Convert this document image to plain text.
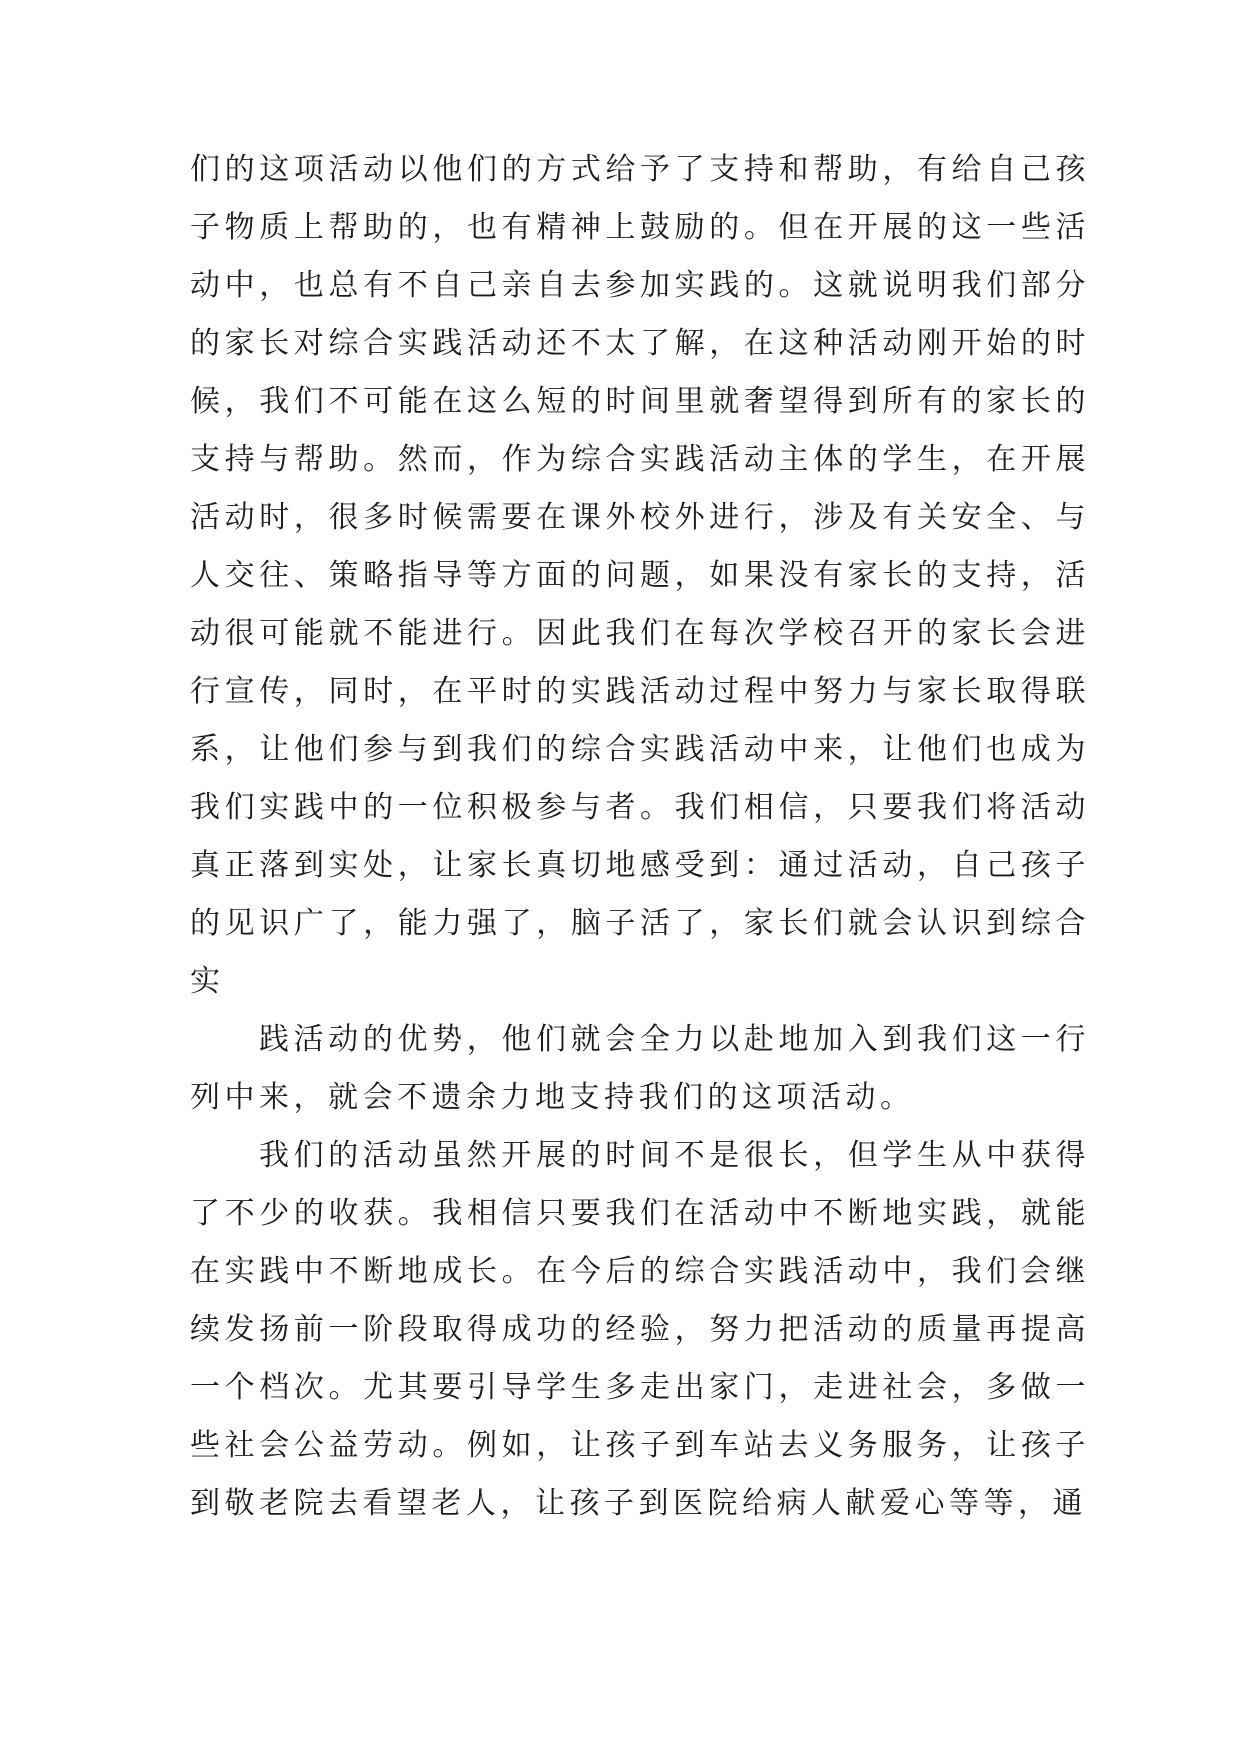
们的这项活动以他们的方式给予了支持和帮助，有给自己孩子物质上帮助的，也有精神上鼓励的。但在开展的这一些活动中，也总有不自己亲自去参加实践的。这就说明我们部分的家长对综合实践活动还不太了解，在这种活动刚开始的时候，我们不可能在这么短的时间里就奢望得到所有的家长的支持与帮助。然而，作为综合实践活动主体的学生，在开展活动时，很多时候需要在课外校外进行，涉及有关安全、与人交往、策略指导等方面的问题，如果没有家长的支持，活动很可能就不能进行。因此我们在每次学校召开的家长会进行宣传，同时，在平时的实践活动过程中努力与家长取得联系，让他们参与到我们的综合实践活动中来，让他们也成为我们实践中的一位积极参与者。我们相信，只要我们将活动真正落到实处，让家长真切地感受到：通过活动，自己孩子的见识广了，能力强了，脑子活了，家长们就会认识到综合实

践活动的优势，他们就会全力以赴地加入到我们这一行列中来，就会不遗余力地支持我们的这项活动。

我们的活动虽然开展的时间不是很长，但学生从中获得了不少的收获。我相信只要我们在活动中不断地实践，就能在实践中不断地成长。在今后的综合实践活动中，我们会继续发扬前一阶段取得成功的经验，努力把活动的质量再提高一个档次。尤其要引导学生多走出家门，走进社会，多做一些社会公益劳动。例如，让孩子到车站去义务服务，让孩子到敬老院去看望老人，让孩子到医院给病人献爱心等等，通
